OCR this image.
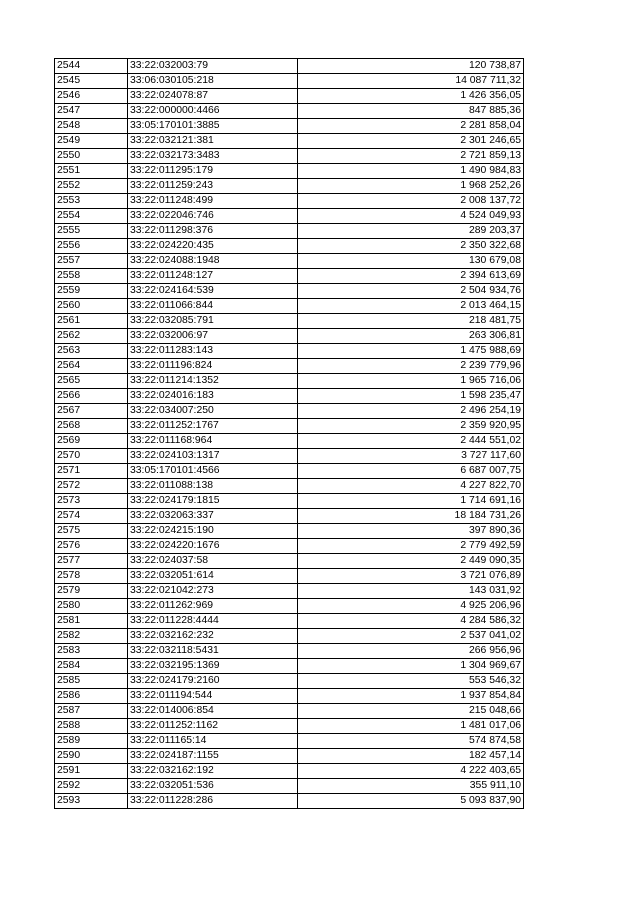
2544	33:22:032003:79	120 738,87
2545	33:06:030105:218	14 087 711,32
2546	33:22:024078:87	1 426 356,05
2547	33:22:000000:4466	847 885,36
2548	33:05:170101:3885	2 281 858,04
2549	33:22:032121:381	2 301 246,65
2550	33:22:032173:3483	2 721 859,13
2551	33:22:011295:179	1 490 984,83
2552	33:22:011259:243	1 968 252,26
2553	33:22:011248:499	2 008 137,72
2554	33:22:022046:746	4 524 049,93
2555	33:22:011298:376	289 203,37
2556	33:22:024220:435	2 350 322,68
2557	33:22:024088:1948	130 679,08
2558	33:22:011248:127	2 394 613,69
2559	33:22:024164:539	2 504 934,76
2560	33:22:011066:844	2 013 464,15
2561	33:22:032085:791	218 481,75
2562	33:22:032006:97	263 306,81
2563	33:22:011283:143	1 475 988,69
2564	33:22:011196:824	2 239 779,96
2565	33:22:011214:1352	1 965 716,06
2566	33:22:024016:183	1 598 235,47
2567	33:22:034007:250	2 496 254,19
2568	33:22:011252:1767	2 359 920,95
2569	33:22:011168:964	2 444 551,02
2570	33:22:024103:1317	3 727 117,60
2571	33:05:170101:4566	6 687 007,75
2572	33:22:011088:138	4 227 822,70
2573	33:22:024179:1815	1 714 691,16
2574	33:22:032063:337	18 184 731,26
2575	33:22:024215:190	397 890,36
2576	33:22:024220:1676	2 779 492,59
2577	33:22:024037:58	2 449 090,35
2578	33:22:032051:614	3 721 076,89
2579	33:22:021042:273	143 031,92
2580	33:22:011262:969	4 925 206,96
2581	33:22:011228:4444	4 284 586,32
2582	33:22:032162:232	2 537 041,02
2583	33:22:032118:5431	266 956,96
2584	33:22:032195:1369	1 304 969,67
2585	33:22:024179:2160	553 546,32
2586	33:22:011194:544	1 937 854,84
2587	33:22:014006:854	215 048,66
2588	33:22:011252:1162	1 481 017,06
2589	33:22:011165:14	574 874,58
2590	33:22:024187:1155	182 457,14
2591	33:22:032162:192	4 222 403,65
2592	33:22:032051:536	355 911,10
2593	33:22:011228:286	5 093 837,90
